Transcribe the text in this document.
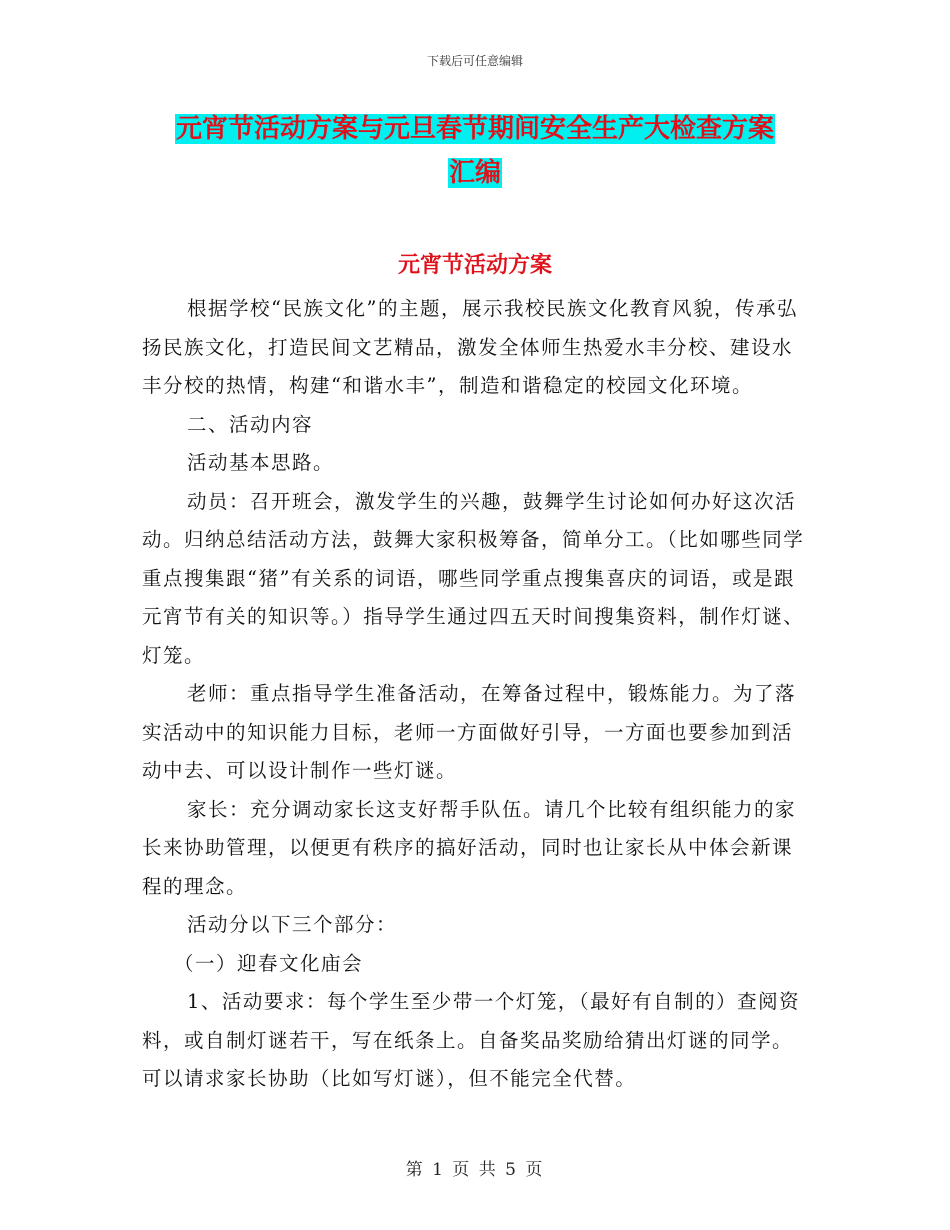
下载后可任意编辑
元宵节活动方案与元旦春节期间安全生产大检查方案
汇编
元宵节活动方案

根据学校“民族文化”的主题，展示我校民族文化教育风貌，传承弘扬民族文化，打造民间文艺精品，激发全体师生热爱水丰分校、建设水丰分校的热情，构建“和谐水丰”，制造和谐稳定的校园文化环境。

二、活动内容

活动基本思路。

动员：召开班会，激发学生的兴趣，鼓舞学生讨论如何办好这次活动。归纳总结活动方法，鼓舞大家积极筹备，简单分工。（比如哪些同学重点搜集跟“猪”有关系的词语，哪些同学重点搜集喜庆的词语，或是跟元宵节有关的知识等。）指导学生通过四五天时间搜集资料，制作灯谜、灯笼。

老师：重点指导学生准备活动，在筹备过程中，锻炼能力。为了落实活动中的知识能力目标，老师一方面做好引导，一方面也要参加到活动中去、可以设计制作一些灯谜。

家长：充分调动家长这支好帮手队伍。请几个比较有组织能力的家长来协助管理，以便更有秩序的搞好活动，同时也让家长从中体会新课程的理念。

活动分以下三个部分：

（一）迎春文化庙会

1、活动要求：每个学生至少带一个灯笼，（最好有自制的）查阅资料，或自制灯谜若干，写在纸条上。自备奖品奖励给猜出灯谜的同学。可以请求家长协助（比如写灯谜），但不能完全代替。

第 1 页 共 5 页
